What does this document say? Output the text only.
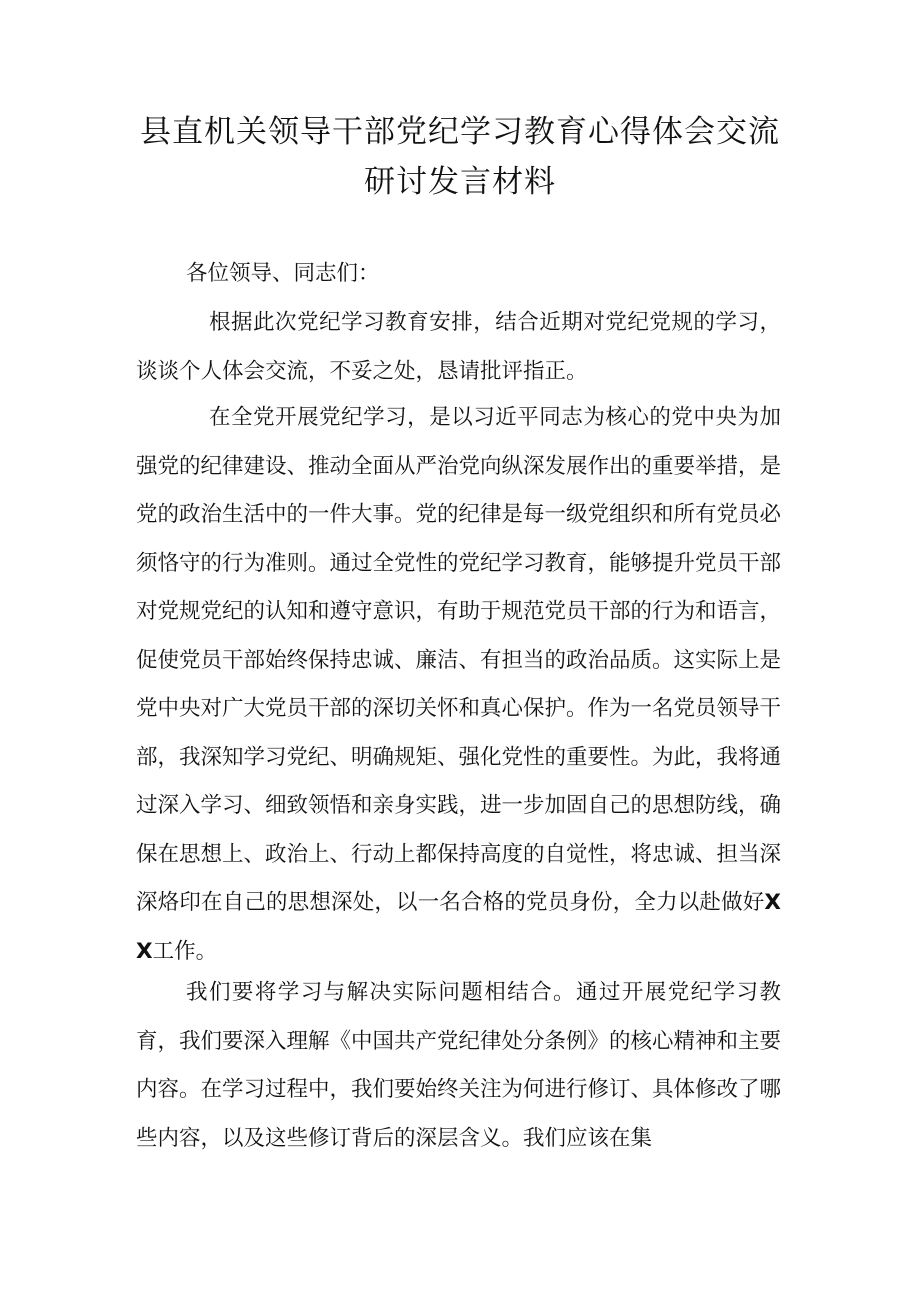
县直机关领导干部党纪学习教育心得体会交流
研讨发言材料

各位领导、同志们：

根据此次党纪学习教育安排，结合近期对党纪党规的学习，谈谈个人体会交流，不妥之处，恳请批评指正。

在全党开展党纪学习，是以习近平同志为核心的党中央为加强党的纪律建设、推动全面从严治党向纵深发展作出的重要举措，是党的政治生活中的一件大事。党的纪律是每一级党组织和所有党员必须恪守的行为准则。通过全党性的党纪学习教育，能够提升党员干部对党规党纪的认知和遵守意识，有助于规范党员干部的行为和语言，促使党员干部始终保持忠诚、廉洁、有担当的政治品质。这实际上是党中央对广大党员干部的深切关怀和真心保护。作为一名党员领导干部，我深知学习党纪、明确规矩、强化党性的重要性。为此，我将通过深入学习、细致领悟和亲身实践，进一步加固自己的思想防线，确保在思想上、政治上、行动上都保持高度的自觉性，将忠诚、担当深深烙印在自己的思想深处，以一名合格的党员身份，全力以赴做好XX工作。

我们要将学习与解决实际问题相结合。通过开展党纪学习教育，我们要深入理解《中国共产党纪律处分条例》的核心精神和主要内容。在学习过程中，我们要始终关注为何进行修订、具体修改了哪些内容，以及这些修订背后的深层含义。我们应该在集
